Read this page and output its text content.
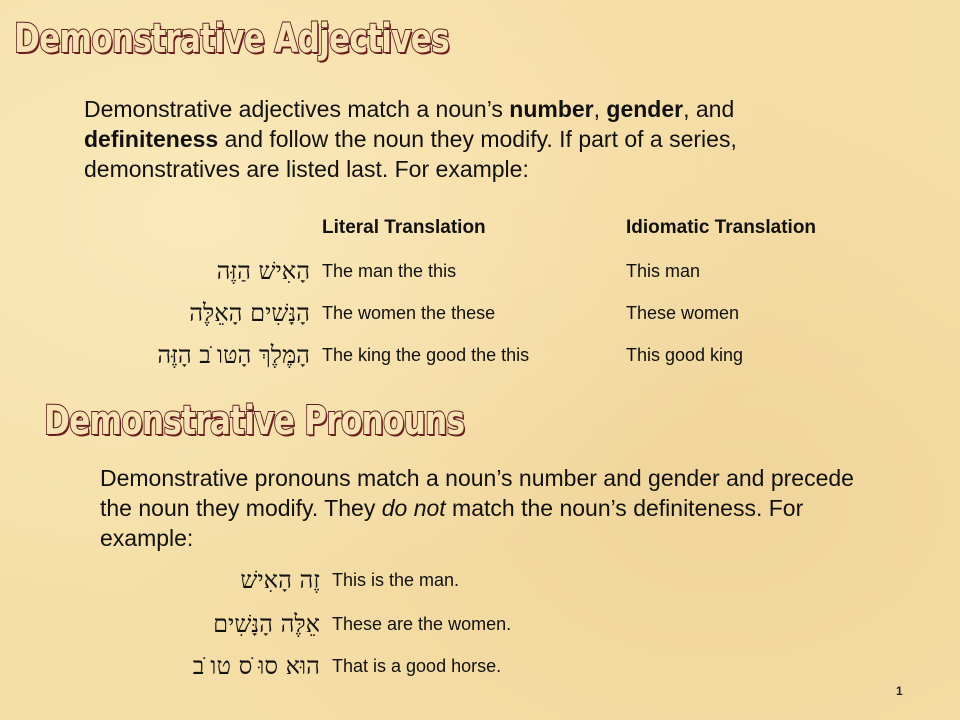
Demonstrative Adjectives

Demonstrative adjectives match a noun’s number, gender, and definiteness and follow the noun they modify. If part of a series, demonstratives are listed last. For example:

Literal Translation	Idiomatic Translation
הָאִישׁ הַזֶּה The man the this	This man
הָנָּשִׁים הָאֵלֶּה The women the these	These women
הָמֶּלֶךְ הָטּו ֹב הָזֶּה The king the good the this	This good king
Demonstrative Pronouns

Demonstrative pronouns match a noun’s number and gender and precede the noun they modify. They do not match the noun’s definiteness. For example:

זֶה הָאִישׁ This is the man.
אֵלֶּה הָנָּשִׁים These are the women.
הוּא סוּ ֹס טו ֹב That is a good horse.
1
